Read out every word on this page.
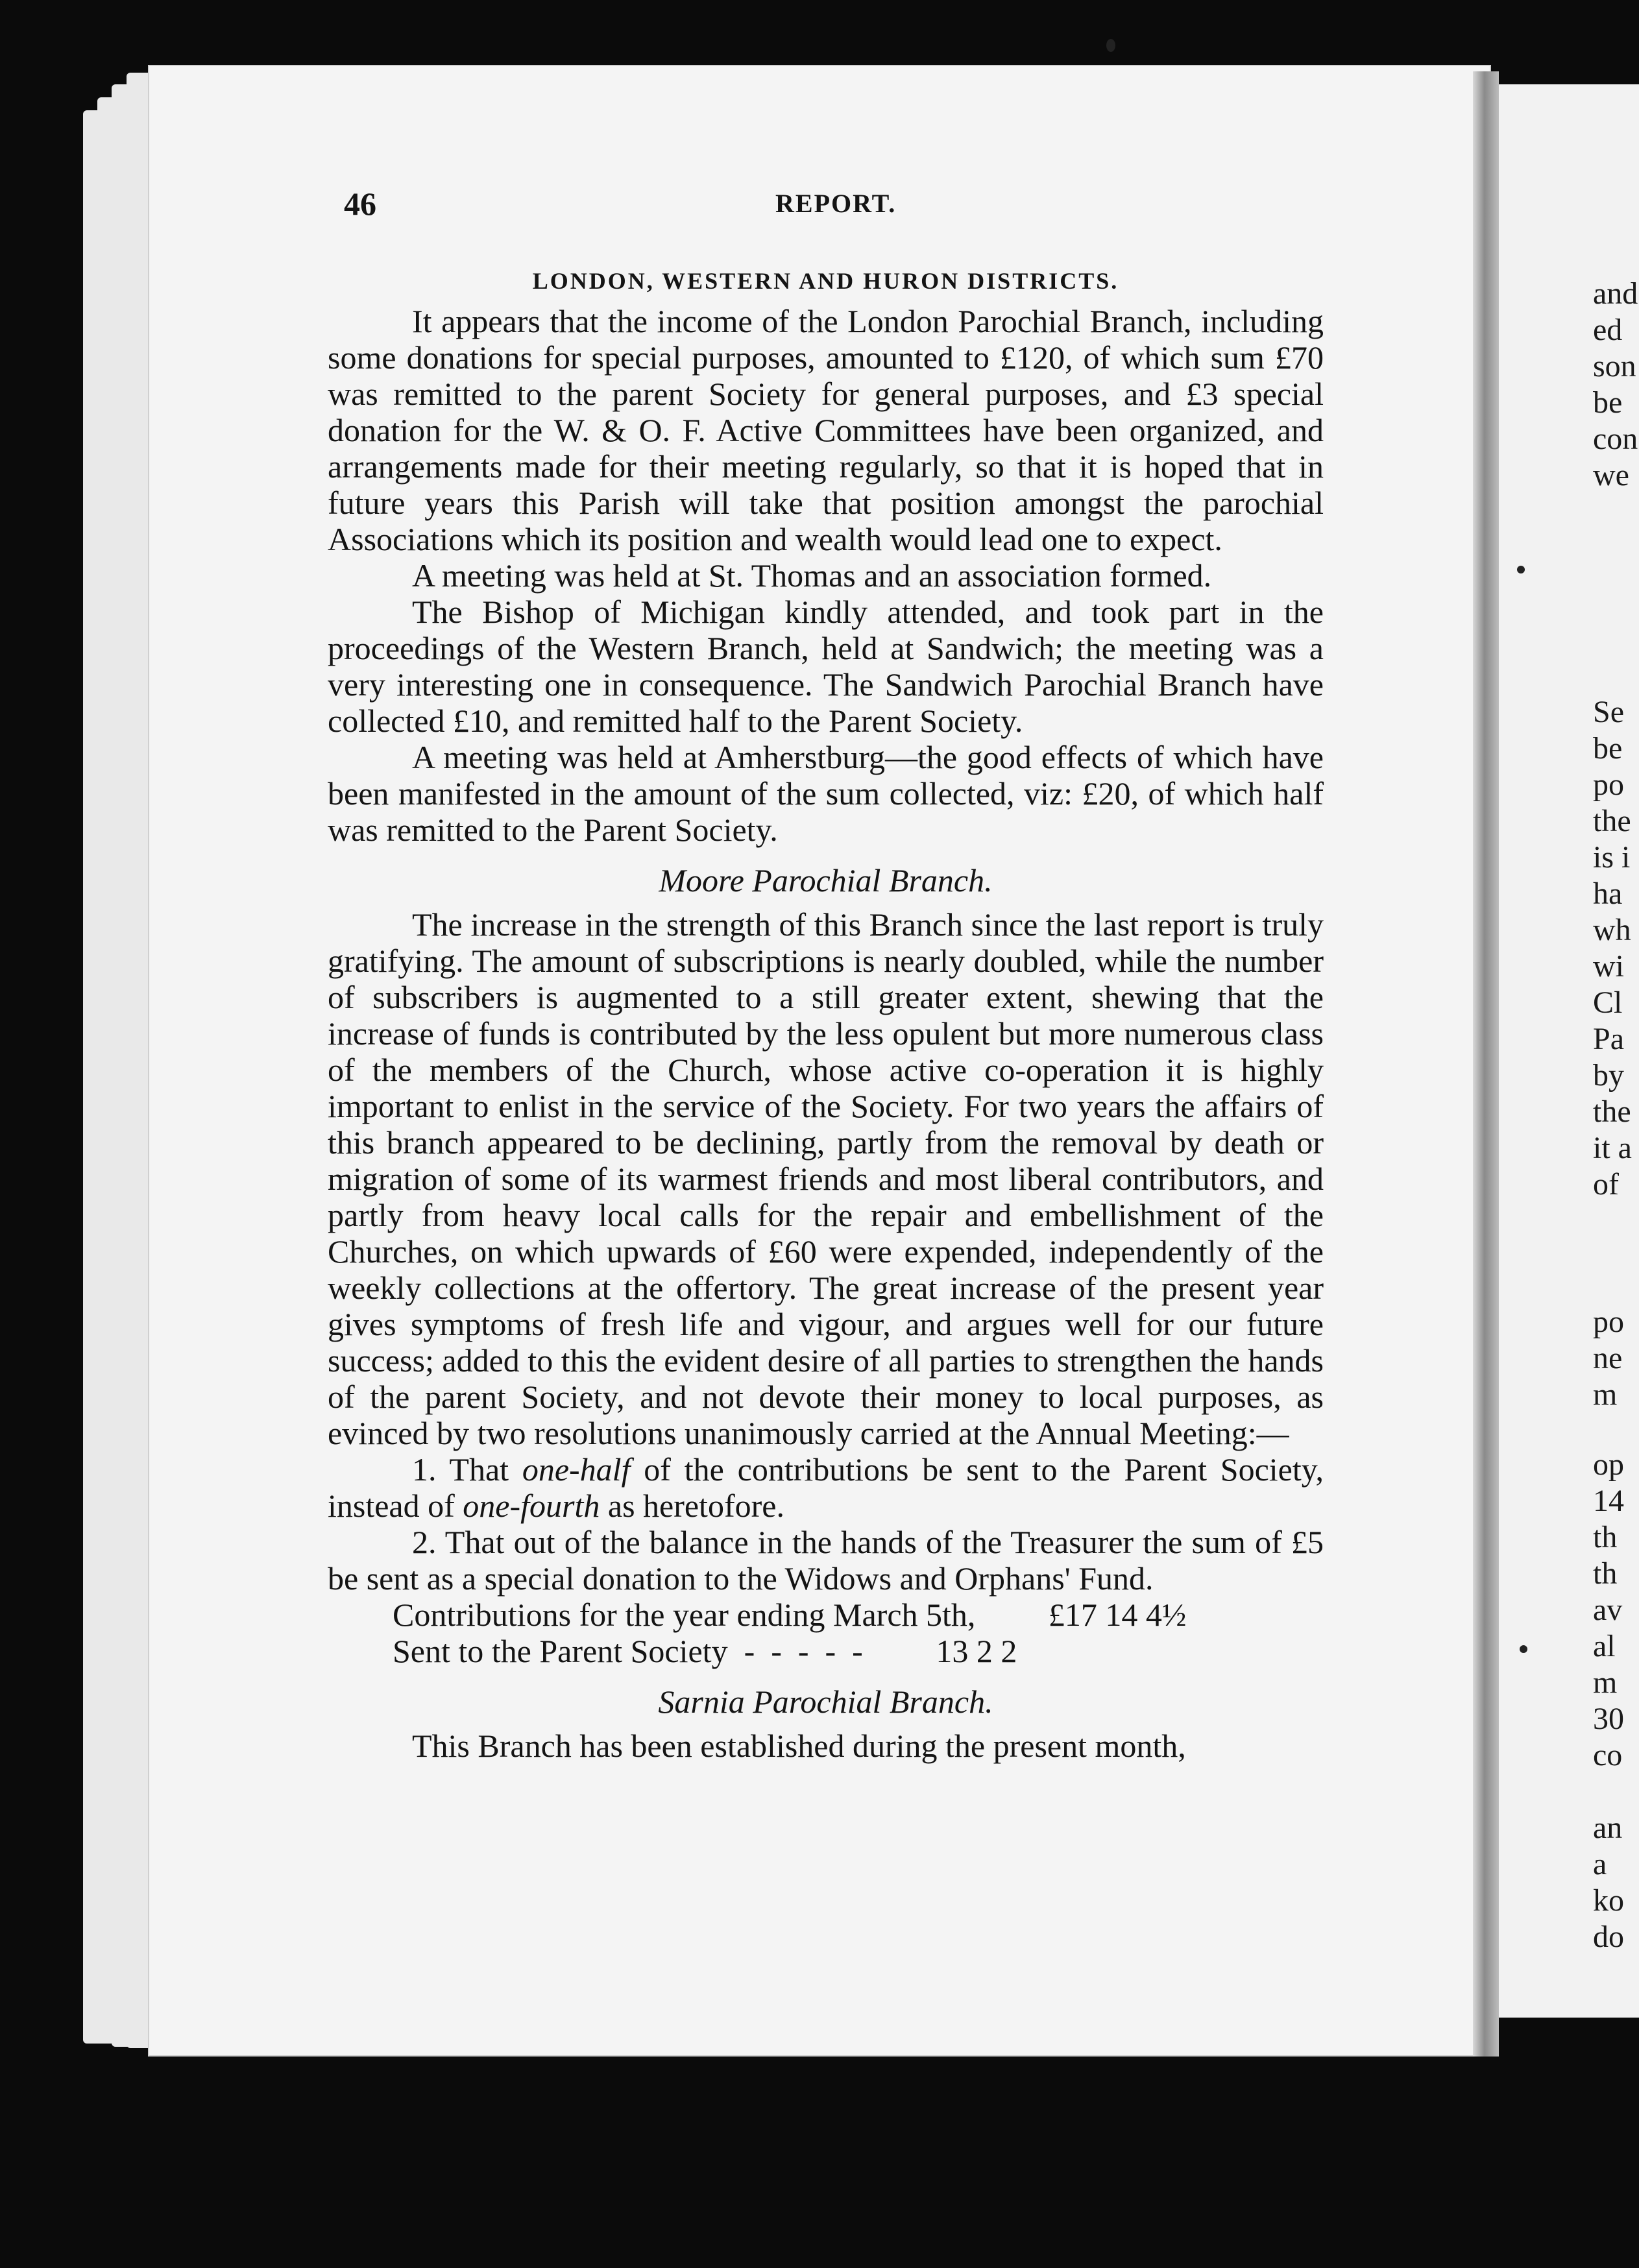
46	REPORT.
LONDON, WESTERN AND HURON DISTRICTS.

It appears that the income of the London Parochial Branch, including some donations for special purposes, amounted to £120, of which sum £70 was remitted to the parent Society for general purposes, and £3 special donation for the W. & O. F. Active Committees have been organized, and arrangements made for their meeting regularly, so that it is hoped that in future years this Parish will take that position amongst the parochial Associations which its position and wealth would lead one to expect.

A meeting was held at St. Thomas and an association formed.

The Bishop of Michigan kindly attended, and took part in the proceedings of the Western Branch, held at Sandwich; the meeting was a very interesting one in consequence. The Sandwich Parochial Branch have collected £10, and remitted half to the Parent Society.

A meeting was held at Amherstburg—the good effects of which have been manifested in the amount of the sum collected, viz: £20, of which half was remitted to the Parent Society.

Moore Parochial Branch.

The increase in the strength of this Branch since the last report is truly gratifying. The amount of subscriptions is nearly doubled, while the number of subscribers is augmented to a still greater extent, shewing that the increase of funds is contributed by the less opulent but more numerous class of the members of the Church, whose active co-operation it is highly important to enlist in the service of the Society. For two years the affairs of this branch appeared to be declining, partly from the removal by death or migration of some of its warmest friends and most liberal contributors, and partly from heavy local calls for the repair and embellishment of the Churches, on which upwards of £60 were expended, independently of the weekly collections at the offertory. The great increase of the present year gives symptoms of fresh life and vigour, and argues well for our future success; added to this the evident desire of all parties to strengthen the hands of the parent Society, and not devote their money to local purposes, as evinced by two resolutions unanimously carried at the Annual Meeting:—

1. That one-half of the contributions be sent to the Parent Society, instead of one-fourth as heretofore.

2. That out of the balance in the hands of the Treasurer the sum of £5 be sent as a special donation to the Widows and Orphans' Fund.

Contributions for the year ending March 5th, £17 14 4½
Sent to the Parent Society  -  -  -  -  - 13 2 2
Sarnia Parochial Branch.

This Branch has been established during the present month,

and
ed
son
be
con
we
Se
be
po
the
is i
ha
wh
wi
Cl
Pa
by
the
it a
of
po
ne
m
op
14
th
th
av
al
m
30
co
an
a
ko
do
